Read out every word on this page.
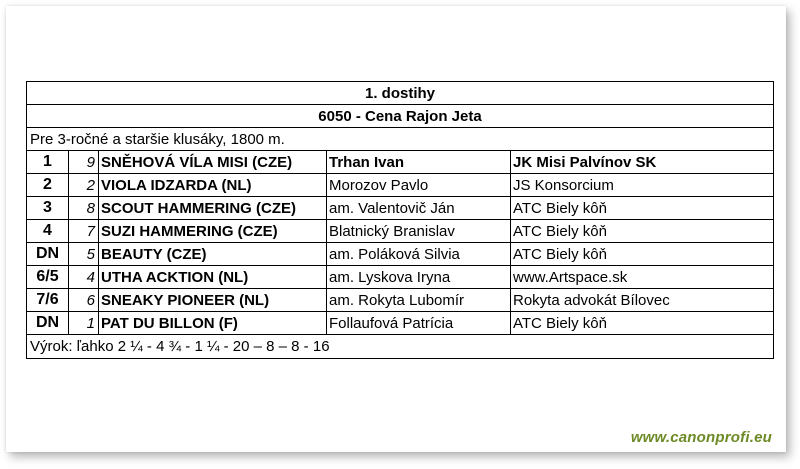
1. dostihy
6050 - Cena Rajon Jeta
Pre 3-ročné a staršie klusáky, 1800 m.
1	9 SNĚHOVÁ VÍLA MISI (CZE)	Trhan Ivan	JK Misi Palvínov SK
2	2 VIOLA IDZARDA (NL)	Morozov Pavlo	JS Konsorcium
3	8 SCOUT HAMMERING (CZE)	am. Valentovič Ján	ATC Biely kôň
4	7 SUZI HAMMERING (CZE)	Blatnický Branislav	ATC Biely kôň
DN	5 BEAUTY (CZE)	am. Poláková Silvia	ATC Biely kôň
6/5	4 UTHA ACKTION (NL)	am. Lyskova Iryna	www.Artspace.sk
7/6	6 SNEAKY PIONEER (NL)	am. Rokyta Lubomír	Rokyta advokát Bílovec
DN	1 PAT DU BILLON (F)	Follaufová Patrícia	ATC Biely kôň
Výrok: ľahko 2 ¼ - 4 ¾ - 1 ¼ - 20 – 8 – 8 - 16
www.canonprofi.eu
